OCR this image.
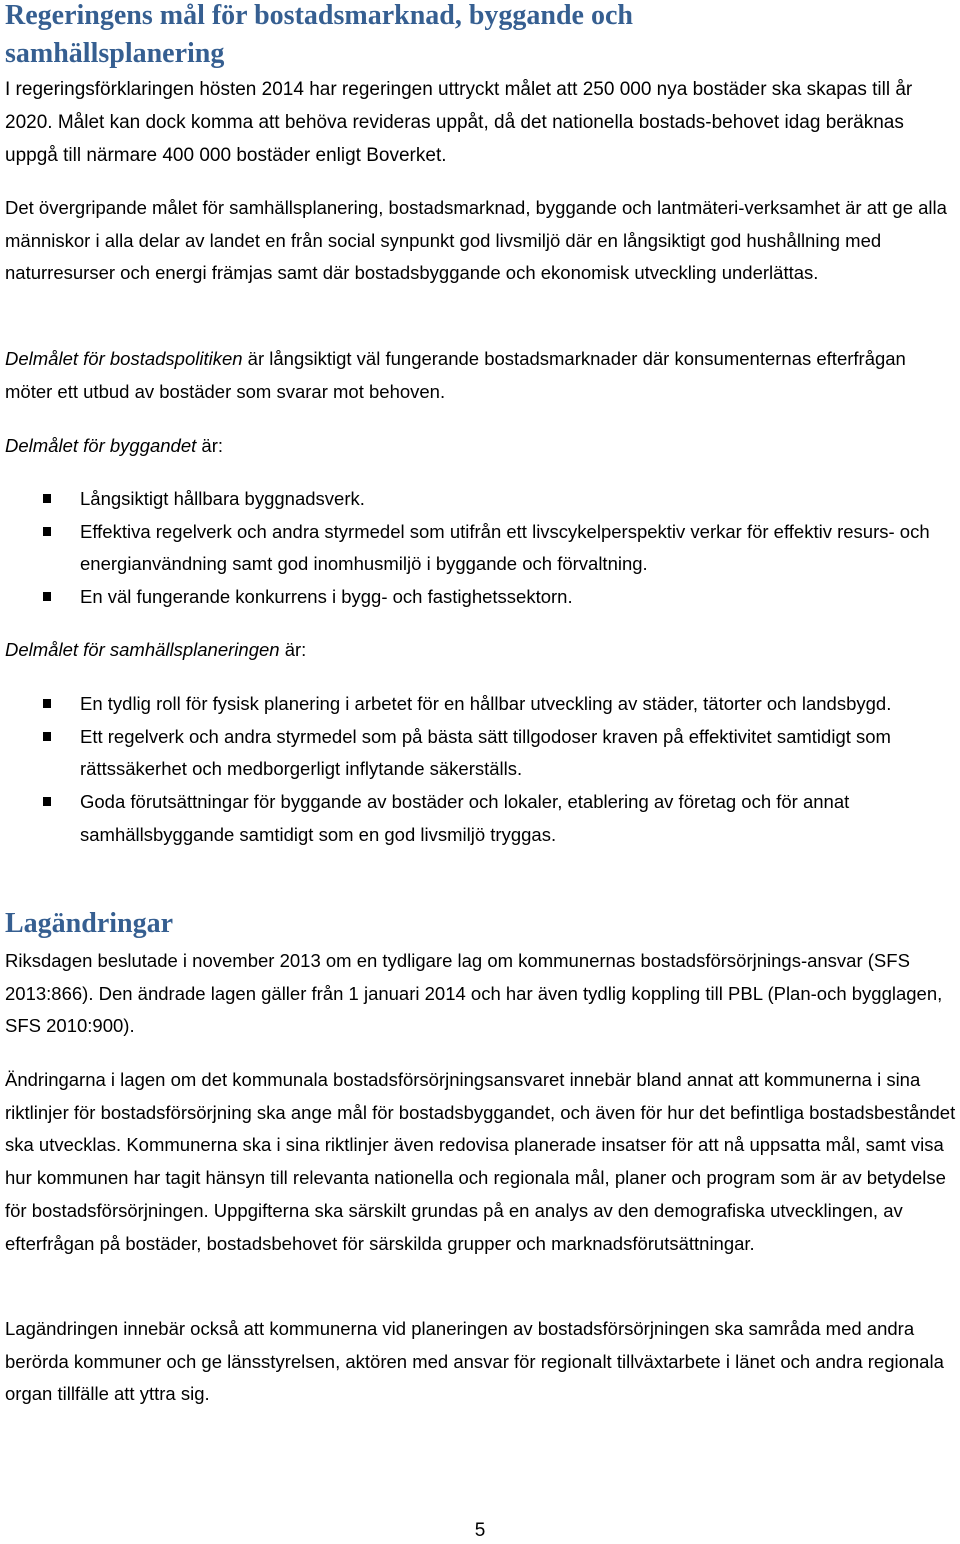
Regeringens mål för bostadsmarknad, byggande och samhällsplanering

I regeringsförklaringen hösten 2014 har regeringen uttryckt målet att 250 000 nya bostäder ska skapas till år 2020. Målet kan dock komma att behöva revideras uppåt, då det nationella bostads-behovet idag beräknas uppgå till närmare 400 000 bostäder enligt Boverket.

Det övergripande målet för samhällsplanering, bostadsmarknad, byggande och lantmäteri-verksamhet är att ge alla människor i alla delar av landet en från social synpunkt god livsmiljö där en långsiktigt god hushållning med naturresurser och energi främjas samt där bostadsbyggande och ekonomisk utveckling underlättas.

Delmålet för bostadspolitiken är långsiktigt väl fungerande bostadsmarknader där konsumenternas efterfrågan möter ett utbud av bostäder som svarar mot behoven.

Delmålet för byggandet är:

Långsiktigt hållbara byggnadsverk.
Effektiva regelverk och andra styrmedel som utifrån ett livscykelperspektiv verkar för effektiv resurs- och energianvändning samt god inomhusmiljö i byggande och förvaltning.
En väl fungerande konkurrens i bygg- och fastighetssektorn.

Delmålet för samhällsplaneringen är:

En tydlig roll för fysisk planering i arbetet för en hållbar utveckling av städer, tätorter och landsbygd.
Ett regelverk och andra styrmedel som på bästa sätt tillgodoser kraven på effektivitet samtidigt som rättssäkerhet och medborgerligt inflytande säkerställs.
Goda förutsättningar för byggande av bostäder och lokaler, etablering av företag och för annat samhällsbyggande samtidigt som en god livsmiljö tryggas.
Lagändringar

Riksdagen beslutade i november 2013 om en tydligare lag om kommunernas bostadsförsörjnings-ansvar (SFS 2013:866). Den ändrade lagen gäller från 1 januari 2014 och har även tydlig koppling till PBL (Plan-och bygglagen, SFS 2010:900).

Ändringarna i lagen om det kommunala bostadsförsörjningsansvaret innebär bland annat att kommunerna i sina riktlinjer för bostadsförsörjning ska ange mål för bostadsbyggandet, och även för hur det befintliga bostadsbeståndet ska utvecklas. Kommunerna ska i sina riktlinjer även redovisa planerade insatser för att nå uppsatta mål, samt visa hur kommunen har tagit hänsyn till relevanta nationella och regionala mål, planer och program som är av betydelse för bostadsförsörjningen. Uppgifterna ska särskilt grundas på en analys av den demografiska utvecklingen, av efterfrågan på bostäder, bostadsbehovet för särskilda grupper och marknadsförutsättningar.

Lagändringen innebär också att kommunerna vid planeringen av bostadsförsörjningen ska samråda med andra berörda kommuner och ge länsstyrelsen, aktören med ansvar för regionalt tillväxtarbete i länet och andra regionala organ tillfälle att yttra sig.

5
